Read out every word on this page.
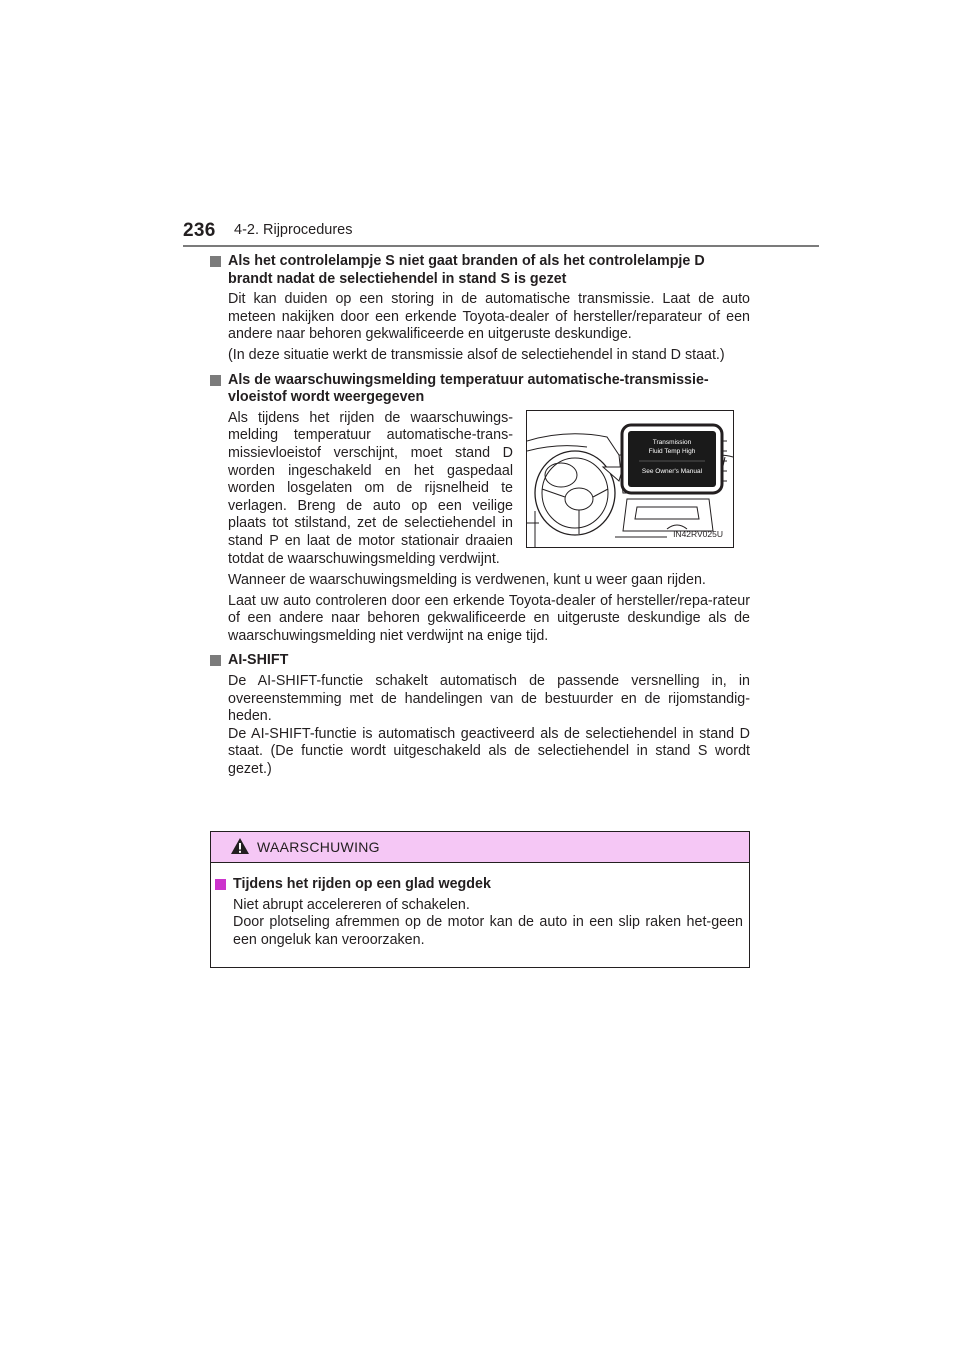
236 4-2. Rijprocedures
Als het controlelampje S niet gaat branden of als het controlelampje D brandt nadat de selectiehendel in stand S is gezet
Dit kan duiden op een storing in de automatische transmissie. Laat de auto meteen nakijken door een erkende Toyota-dealer of hersteller/reparateur of een andere naar behoren gekwalificeerde en uitgeruste deskundige.
(In deze situatie werkt de transmissie alsof de selectiehendel in stand D staat.)
Als de waarschuwingsmelding temperatuur automatische-transmissie-vloeistof wordt weergegeven
Als tijdens het rijden de waarschuwings-melding temperatuur automatische-trans-missievloeistof verschijnt, moet stand D worden ingeschakeld en het gaspedaal worden losgelaten om de rijsnelheid te verlagen. Breng de auto op een veilige plaats tot stilstand, zet de selectiehendel in stand P en laat de motor stationair draaien totdat de waarschuwingsmelding verdwijnt.
Transmission
Fluid Temp High
See Owner's Manual
IN42RV025U
Wanneer de waarschuwingsmelding is verdwenen, kunt u weer gaan rijden.
Laat uw auto controleren door een erkende Toyota-dealer of hersteller/repa-rateur of een andere naar behoren gekwalificeerde en uitgeruste deskundige als de waarschuwingsmelding niet verdwijnt na enige tijd.
AI-SHIFT
De AI-SHIFT-functie schakelt automatisch de passende versnelling in, in overeenstemming met de handelingen van de bestuurder en de rijomstandig-heden.
De AI-SHIFT-functie is automatisch geactiveerd als de selectiehendel in stand D staat. (De functie wordt uitgeschakeld als de selectiehendel in stand S wordt gezet.)
WAARSCHUWING
Tijdens het rijden op een glad wegdek
Niet abrupt accelereren of schakelen.
Door plotseling afremmen op de motor kan de auto in een slip raken het-geen een ongeluk kan veroorzaken.
